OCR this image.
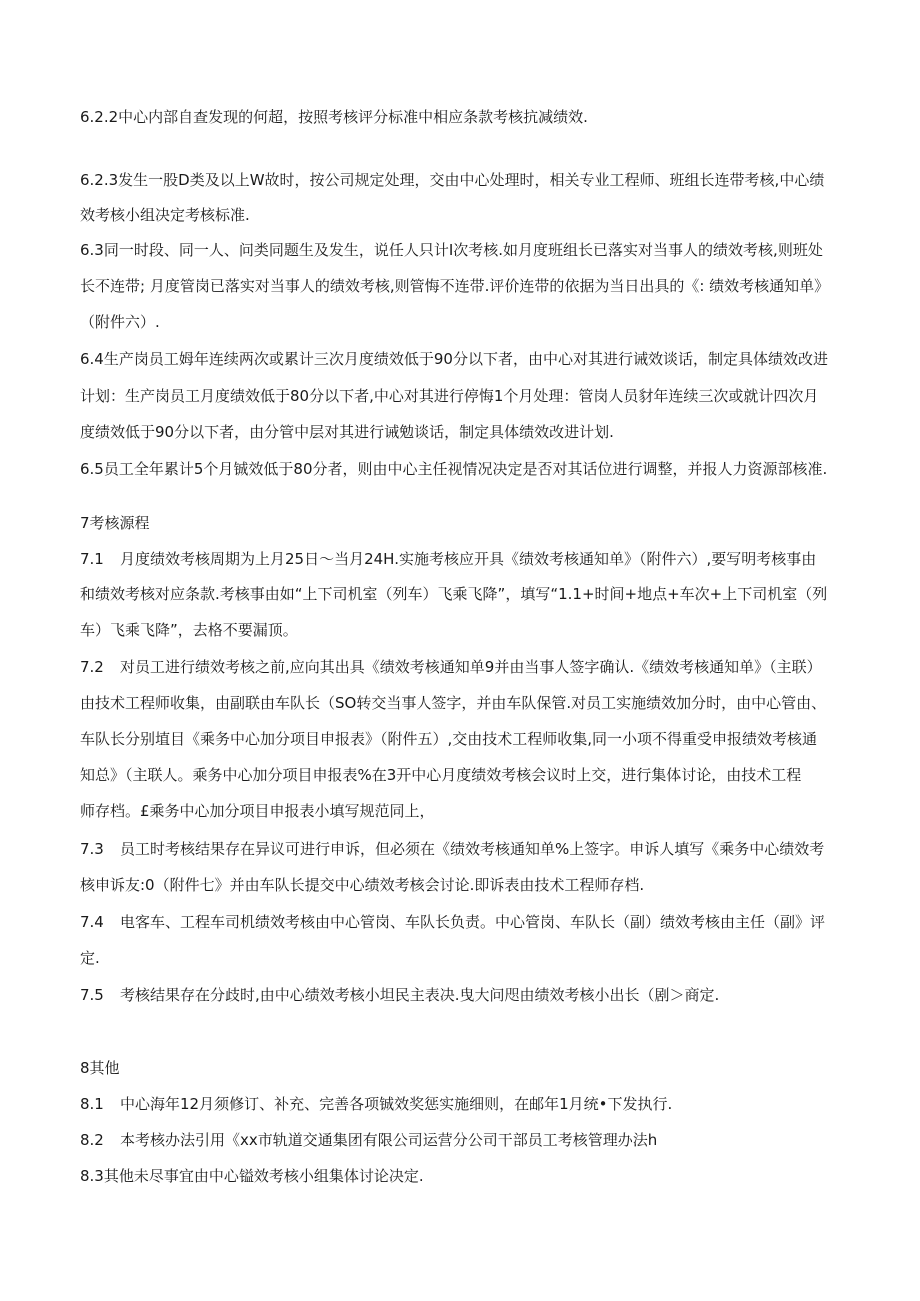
6.2.2中心内部自查发现的何超，按照考核评分标准中相应条款考核抗减绩效.
6.2.3发生一股D类及以上W故时，按公司规定处理，交由中心处理时，相关专业工程师、班组长连带考核,中心绩
效考核小组决定考核标准.
6.3同一时段、同一人、问类同题生及发生，说任人只计I次考核.如月度班组长已落实对当事人的绩效考核,则班处
长不连带; 月度管岗已落实对当事人的绩效考核,则管悔不连带.评价连带的依据为当日出具的《: 绩效考核通知单》
（附件六）.
6.4生产岗员工姆年连续两次或累计三次月度绩效低于90分以下者，由中心对其进行诫效谈话，制定具体绩效改进
计划：生产岗员工月度绩效低于80分以下者,中心对其进行停悔1个月处理：管岗人员豺年连续三次或就计四次月
度绩效低于90分以下者，由分管中层对其进行诫勉谈话，制定具体绩效改进计划.
6.5员工全年累计5个月铖效低于80分者，则由中心主任视情况决定是否对其话位进行调整，并报人力资源部核准.
7考核源程
7.1 月度绩效考核周期为上月25日〜当月24H.实施考核应开具《绩效考核通知单》（附件六）,要写明考核事由
和绩效考核对应条款.考核事由如“上下司机室（列车）飞乘飞降”，填写“1.1+时间+地点+车次+上下司机室（列
车）飞乘飞降”，去格不要漏顶。
7.2 对员工进行绩效考核之前,应向其出具《绩效考核通知单9并由当事人签字确认.《绩效考核通知单》（主联）
由技术工程师收集，由副联由车队长（SO转交当事人签字，并由车队保管.对员工实施绩效加分时，由中心管由、
车队长分别埴目《乘务中心加分项目申报表》（附件五）,交由技术工程师收集,同一小项不得重受申报绩效考核通
知总》（主联人。乘务中心加分项目申报表%在3开中心月度绩效考核会议时上交，进行集体讨论，由技术工程
师存档。£乘务中心加分项目申报表小填写规范同上，
7.3 员工时考核结果存在异议可进行申诉，但必须在《绩效考核通知单%上签字。申诉人填写《乘务中心绩效考
核申诉友:0（附件七》并由车队长提交中心绩效考核会讨论.即诉表由技术工程师存档.
7.4 电客车、工程车司机绩效考核由中心管岗、车队长负责。中心管岗、车队长（副）绩效考核由主任（副》评
定.
7.5 考核结果存在分歧时,由中心绩效考核小坦民主表决.曳大问咫由绩效考核小出长（剧＞商定.
8其他
8.1 中心海年12月须修订、补充、完善各项铖效奖惩实施细则，在邮年1月统•下发执行.
8.2 本考核办法引用《xx市轨道交通集团有限公司运营分公司干部员工考核管理办法h
8.3其他未尽事宜由中心镒效考核小组集体讨论决定.
